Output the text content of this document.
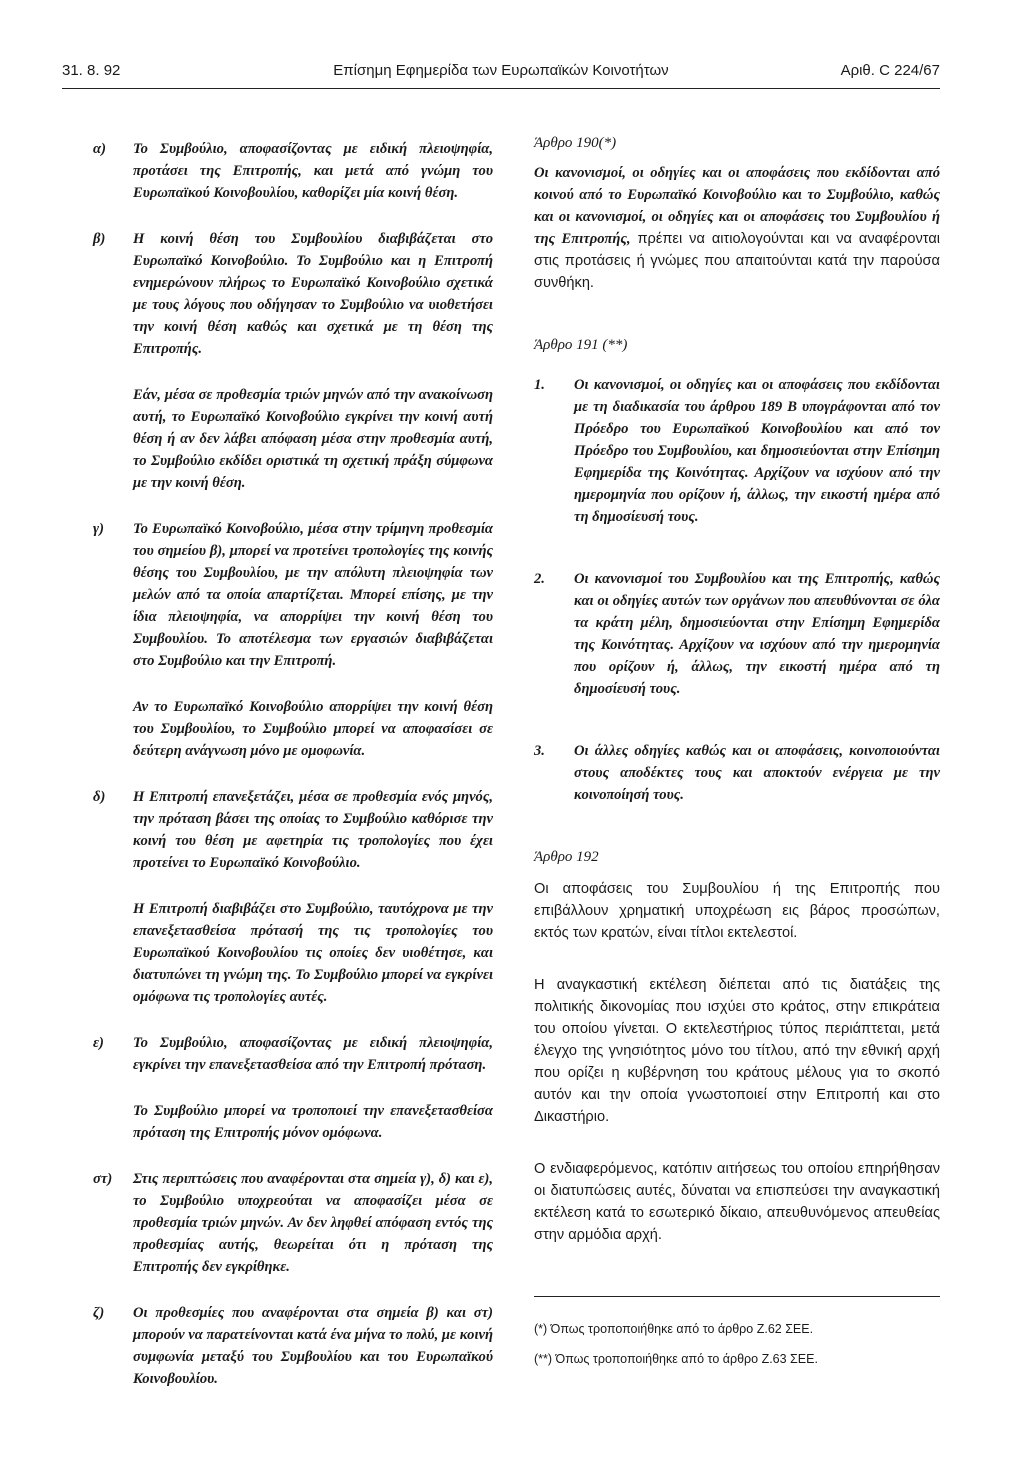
31. 8. 92	Επίσημη Εφημερίδα των Ευρωπαϊκών Κοινοτήτων	Αριθ. C 224/67
α) Το Συμβούλιο, αποφασίζοντας με ειδική πλειοψηφία, προτάσει της Επιτροπής, και μετά από γνώμη του Ευρωπαϊκού Κοινοβουλίου, καθορίζει μία κοινή θέση.

β) Η κοινή θέση του Συμβουλίου διαβιβάζεται στο Ευρωπαϊκό Κοινοβούλιο. Το Συμβούλιο και η Επιτροπή ενημερώνουν πλήρως το Ευρωπαϊκό Κοινοβούλιο σχετικά με τους λόγους που οδήγησαν το Συμβούλιο να υιοθετήσει την κοινή θέση καθώς και σχετικά με τη θέση της Επιτροπής.

Εάν, μέσα σε προθεσμία τριών μηνών από την ανακοίνωση αυτή, το Ευρωπαϊκό Κοινοβούλιο εγκρίνει την κοινή αυτή θέση ή αν δεν λάβει απόφαση μέσα στην προθεσμία αυτή, το Συμβούλιο εκδίδει οριστικά τη σχετική πράξη σύμφωνα με την κοινή θέση.

γ) Το Ευρωπαϊκό Κοινοβούλιο, μέσα στην τρίμηνη προθεσμία του σημείου β), μπορεί να προτείνει τροπολογίες της κοινής θέσης του Συμβουλίου, με την απόλυτη πλειοψηφία των μελών από τα οποία απαρτίζεται. Μπορεί επίσης, με την ίδια πλειοψηφία, να απορρίψει την κοινή θέση του Συμβουλίου. Το αποτέλεσμα των εργασιών διαβιβάζεται στο Συμβούλιο και την Επιτροπή.

Αν το Ευρωπαϊκό Κοινοβούλιο απορρίψει την κοινή θέση του Συμβουλίου, το Συμβούλιο μπορεί να αποφασίσει σε δεύτερη ανάγνωση μόνο με ομοφωνία.

δ) Η Επιτροπή επανεξετάζει, μέσα σε προθεσμία ενός μηνός, την πρόταση βάσει της οποίας το Συμβούλιο καθόρισε την κοινή του θέση με αφετηρία τις τροπολογίες που έχει προτείνει το Ευρωπαϊκό Κοινοβούλιο.

Η Επιτροπή διαβιβάζει στο Συμβούλιο, ταυτόχρονα με την επανεξετασθείσα πρότασή της τις τροπολογίες του Ευρωπαϊκού Κοινοβουλίου τις οποίες δεν υιοθέτησε, και διατυπώνει τη γνώμη της. Το Συμβούλιο μπορεί να εγκρίνει ομόφωνα τις τροπολογίες αυτές.

ε) Το Συμβούλιο, αποφασίζοντας με ειδική πλειοψηφία, εγκρίνει την επανεξετασθείσα από την Επιτροπή πρόταση.

Το Συμβούλιο μπορεί να τροποποιεί την επανεξετασθείσα πρόταση της Επιτροπής μόνον ομόφωνα.

στ) Στις περιπτώσεις που αναφέρονται στα σημεία γ), δ) και ε), το Συμβούλιο υποχρεούται να αποφασίζει μέσα σε προθεσμία τριών μηνών. Αν δεν ληφθεί απόφαση εντός της προθεσμίας αυτής, θεωρείται ότι η πρόταση της Επιτροπής δεν εγκρίθηκε.

ζ) Οι προθεσμίες που αναφέρονται στα σημεία β) και στ) μπορούν να παρατείνονται κατά ένα μήνα το πολύ, με κοινή συμφωνία μεταξύ του Συμβουλίου και του Ευρωπαϊκού Κοινοβουλίου.

Άρθρο 190(*)

Οι κανονισμοί, οι οδηγίες και οι αποφάσεις που εκδίδονται από κοινού από το Ευρωπαϊκό Κοινοβούλιο και το Συμβούλιο, καθώς και οι κανονισμοί, οι οδηγίες και οι αποφάσεις του Συμβουλίου ή της Επιτροπής, πρέπει να αιτιολογούνται και να αναφέρονται στις προτάσεις ή γνώμες που απαιτούνται κατά την παρούσα συνθήκη.

Άρθρο 191 (**)

1. Οι κανονισμοί, οι οδηγίες και οι αποφάσεις που εκδίδονται με τη διαδικασία του άρθρου 189 Β υπογράφονται από τον Πρόεδρο του Ευρωπαϊκού Κοινοβουλίου και από τον Πρόεδρο του Συμβουλίου, και δημοσιεύονται στην Επίσημη Εφημερίδα της Κοινότητας. Αρχίζουν να ισχύουν από την ημερομηνία που ορίζουν ή, άλλως, την εικοστή ημέρα από τη δημοσίευσή τους.

2. Οι κανονισμοί του Συμβουλίου και της Επιτροπής, καθώς και οι οδηγίες αυτών των οργάνων που απευθύνονται σε όλα τα κράτη μέλη, δημοσιεύονται στην Επίσημη Εφημερίδα της Κοινότητας. Αρχίζουν να ισχύουν από την ημερομηνία που ορίζουν ή, άλλως, την εικοστή ημέρα από τη δημοσίευσή τους.

3. Οι άλλες οδηγίες καθώς και οι αποφάσεις, κοινοποιούνται στους αποδέκτες τους και αποκτούν ενέργεια με την κοινοποίησή τους.

Άρθρο 192

Οι αποφάσεις του Συμβουλίου ή της Επιτροπής που επιβάλλουν χρηματική υποχρέωση εις βάρος προσώπων, εκτός των κρατών, είναι τίτλοι εκτελεστοί.

Η αναγκαστική εκτέλεση διέπεται από τις διατάξεις της πολιτικής δικονομίας που ισχύει στο κράτος, στην επικράτεια του οποίου γίνεται. Ο εκτελεστήριος τύπος περιάπτεται, μετά έλεγχο της γνησιότητος μόνο του τίτλου, από την εθνική αρχή που ορίζει η κυβέρνηση του κράτους μέλους για το σκοπό αυτόν και την οποία γνωστοποιεί στην Επιτροπή και στο Δικαστήριο.

Ο ενδιαφερόμενος, κατόπιν αιτήσεως του οποίου επηρήθησαν οι διατυπώσεις αυτές, δύναται να επισπεύσει την αναγκαστική εκτέλεση κατά το εσωτερικό δίκαιο, απευθυνόμενος απευθείας στην αρμόδια αρχή.

(*) Όπως τροποποιήθηκε από το άρθρο Ζ.62 ΣΕΕ.

(**) Όπως τροποποιήθηκε από το άρθρο Ζ.63 ΣΕΕ.
